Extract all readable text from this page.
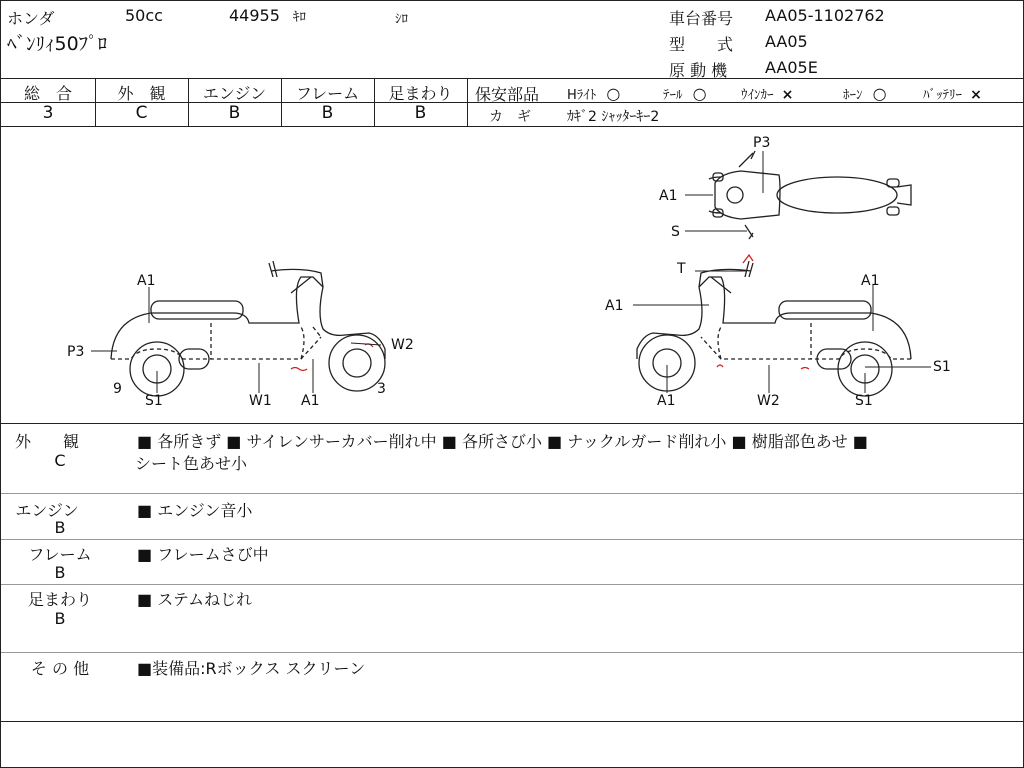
ホンダ	50cc	44955 ｷﾛ	ｼﾛ
ﾍﾞﾝﾘｨ50ﾌﾟﾛ
車台番号 AA05-1102762
型　　式 AA05
原 動 機 AA05E
総　合
3
外　観
C
エンジン
B
フレーム
B
足まわり
B
保安部品 Hﾗｲﾄ ○	ﾃｰﾙ ○	ｳｲﾝｶｰ ×	ﾎｰﾝ ○	ﾊﾞｯﾃﾘｰ ×
カ　ギ	ｶｷﾞ2 ｼｬｯﾀｰｷｰ2
A1
P3
9
S1	W1 A1
3
W2
P3
A1
S
T
A1
A1
S1
A1	W2	S1
外　　観
C
■ 各所きず ■ サイレンサーカバー削れ中 ■ 各所さび小 ■ ナックルガード削れ小 ■ 樹脂部色あせ ■
シート色あせ小
エンジン
B
■ エンジン音小
フレーム
B
■ フレームさび中
足まわり
B
■ ステムねじれ
そ の 他	■装備品:Rボックス スクリーン
